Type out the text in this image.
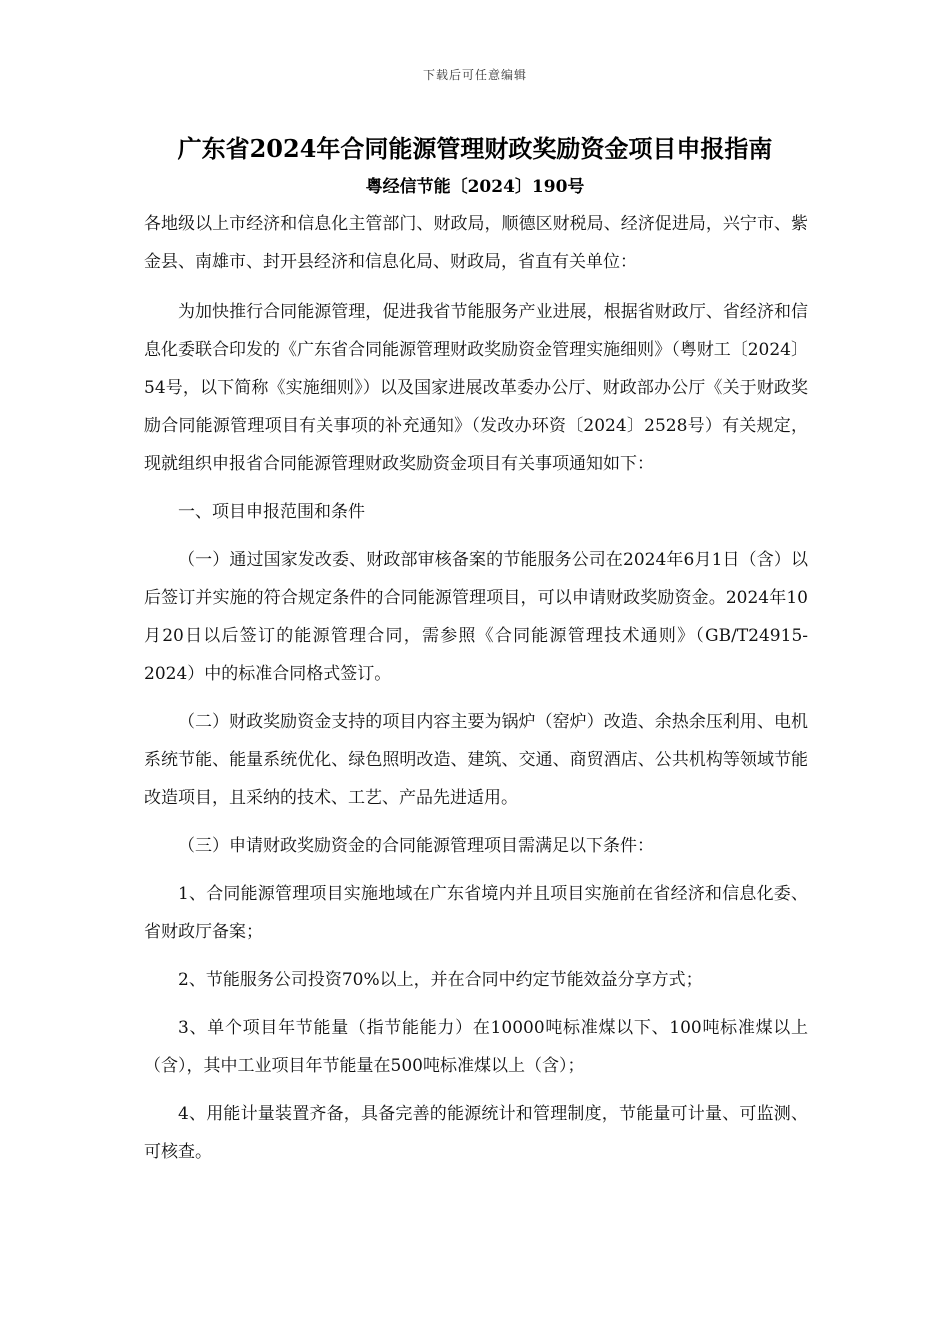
下载后可任意编辑
广东省2024年合同能源管理财政奖励资金项目申报指南
粤经信节能〔2024〕190号

各地级以上市经济和信息化主管部门、财政局，顺德区财税局、经济促进局，兴宁市、紫金县、南雄市、封开县经济和信息化局、财政局，省直有关单位：

为加快推行合同能源管理，促进我省节能服务产业进展，根据省财政厅、省经济和信息化委联合印发的《广东省合同能源管理财政奖励资金管理实施细则》（粤财工〔2024〕54号，以下简称《实施细则》）以及国家进展改革委办公厅、财政部办公厅《关于财政奖励合同能源管理项目有关事项的补充通知》（发改办环资〔2024〕2528号）有关规定，现就组织申报省合同能源管理财政奖励资金项目有关事项通知如下：

一、项目申报范围和条件

（一）通过国家发改委、财政部审核备案的节能服务公司在2024年6月1日（含）以后签订并实施的符合规定条件的合同能源管理项目，可以申请财政奖励资金。2024年10月20日以后签订的能源管理合同，需参照《合同能源管理技术通则》（GB/T24915-2024）中的标准合同格式签订。

（二）财政奖励资金支持的项目内容主要为锅炉（窑炉）改造、余热余压利用、电机系统节能、能量系统优化、绿色照明改造、建筑、交通、商贸酒店、公共机构等领域节能改造项目，且采纳的技术、工艺、产品先进适用。

（三）申请财政奖励资金的合同能源管理项目需满足以下条件：

1、合同能源管理项目实施地域在广东省境内并且项目实施前在省经济和信息化委、省财政厅备案；

2、节能服务公司投资70%以上，并在合同中约定节能效益分享方式；

3、单个项目年节能量（指节能能力）在10000吨标准煤以下、100吨标准煤以上（含），其中工业项目年节能量在500吨标准煤以上（含）；

4、用能计量装置齐备，具备完善的能源统计和管理制度，节能量可计量、可监测、可核查。
